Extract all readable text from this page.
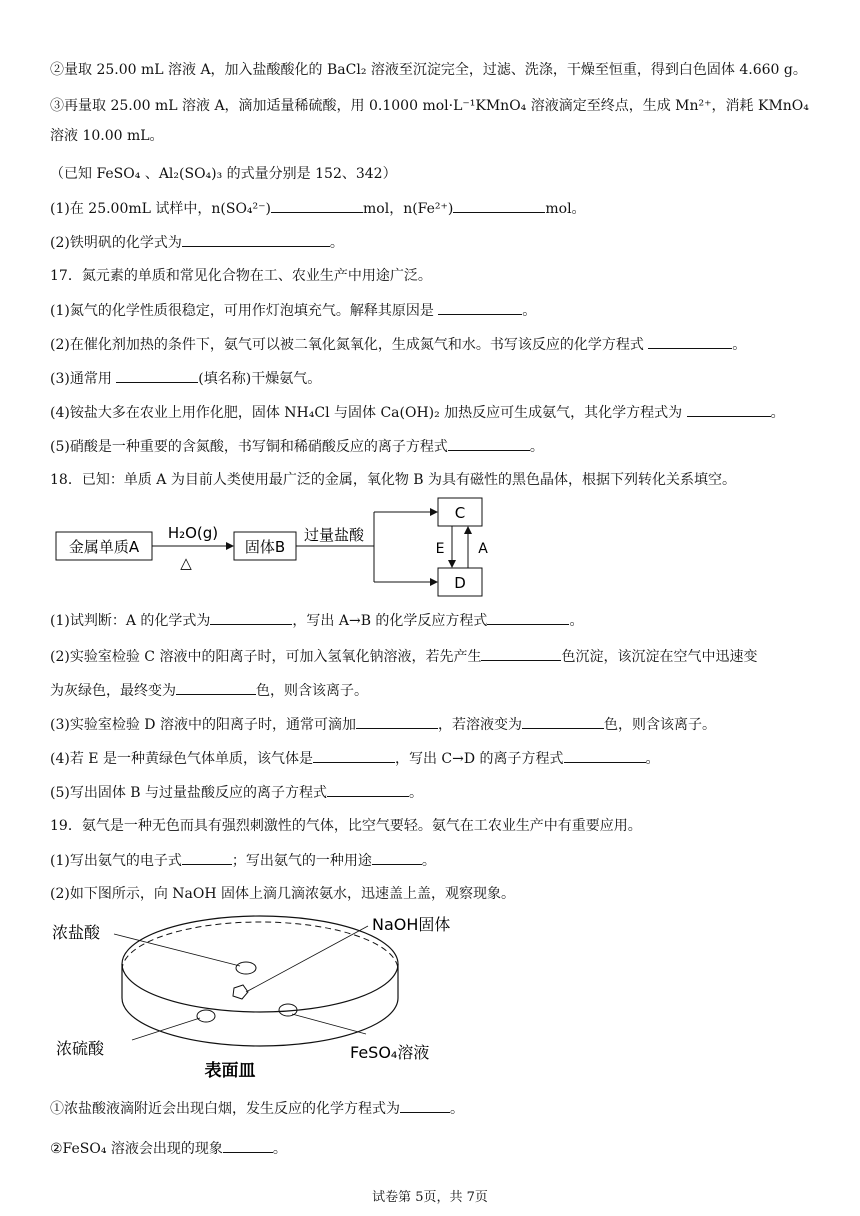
②量取 25.00 mL 溶液 A，加入盐酸酸化的 BaCl₂ 溶液至沉淀完全，过滤、洗涤，干燥至恒重，得到白色固体 4.660 g。
③再量取 25.00 mL 溶液 A，滴加适量稀硫酸，用 0.1000 mol·L⁻¹KMnO₄ 溶液滴定至终点，生成 Mn²⁺，消耗 KMnO₄
溶液 10.00 mL。
（已知 FeSO₄ 、Al₂(SO₄)₃ 的式量分别是 152、342）
(1)在 25.00mL 试样中，n(SO₄²⁻)	mol，n(Fe²⁺)	mol。
(2)铁明矾的化学式为	。
17．氮元素的单质和常见化合物在工、农业生产中用途广泛。
(1)氮气的化学性质很稳定，可用作灯泡填充气。解释其原因是	。
(2)在催化剂加热的条件下，氨气可以被二氧化氮氧化，生成氮气和水。书写该反应的化学方程式	。
(3)通常用	(填名称)干燥氨气。
(4)铵盐大多在农业上用作化肥，固体 NH₄Cl 与固体 Ca(OH)₂ 加热反应可生成氨气，其化学方程式为	。
(5)硝酸是一种重要的含氮酸，书写铜和稀硝酸反应的离子方程式	。
18．已知：单质 A 为目前人类使用最广泛的金属，氧化物 B 为具有磁性的黑色晶体，根据下列转化关系填空。
金属单质A
H₂O(g)
△
固体B
过量盐酸
C
D
E A
(1)试判断：A 的化学式为	，写出 A→B 的化学反应方程式	。
(2)实验室检验 C 溶液中的阳离子时，可加入氢氧化钠溶液，若先产生	色沉淀，该沉淀在空气中迅速变
为灰绿色，最终变为	色，则含该离子。
(3)实验室检验 D 溶液中的阳离子时，通常可滴加	，若溶液变为	色，则含该离子。
(4)若 E 是一种黄绿色气体单质，该气体是	，写出 C→D 的离子方程式	。
(5)写出固体 B 与过量盐酸反应的离子方程式	。
19．氨气是一种无色而具有强烈刺激性的气体，比空气要轻。氨气在工农业生产中有重要应用。
(1)写出氨气的电子式	；写出氨气的一种用途	。
(2)如下图所示，向 NaOH 固体上滴几滴浓氨水，迅速盖上盖，观察现象。
浓盐酸	NaOH固体
浓硫酸	FeSO₄溶液
表面皿
①浓盐酸液滴附近会出现白烟，发生反应的化学方程式为	。
②FeSO₄ 溶液会出现的现象	。
试卷第 5页，共 7页
